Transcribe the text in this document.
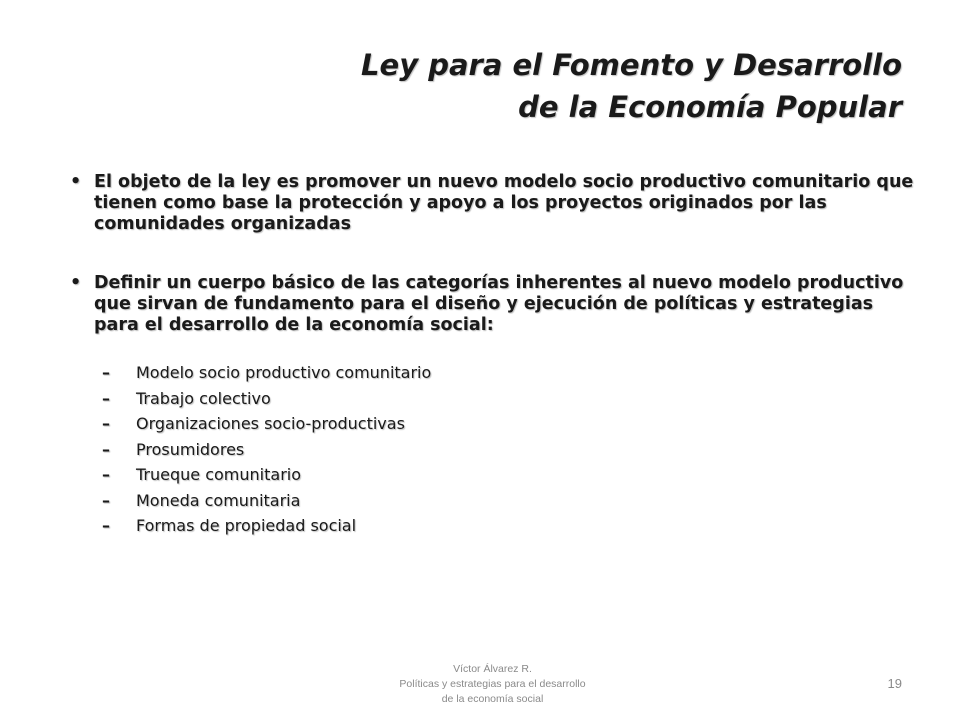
Ley para el Fomento y Desarrollo
de la Economía Popular

• El objeto de la ley es promover un nuevo modelo socio productivo comunitario que tienen como base la protección y apoyo a los proyectos originados por las comunidades organizadas

• Definir un cuerpo básico de las categorías inherentes al nuevo modelo productivo que sirvan de fundamento para el diseño y ejecución de políticas y estrategias para el desarrollo de la economía social:

– Modelo socio productivo comunitario
– Trabajo colectivo
– Organizaciones socio-productivas
– Prosumidores
– Trueque comunitario
– Moneda comunitaria
– Formas de propiedad social
Víctor Álvarez R.
Políticas y estrategias para el desarrollo
de la economía social
19
